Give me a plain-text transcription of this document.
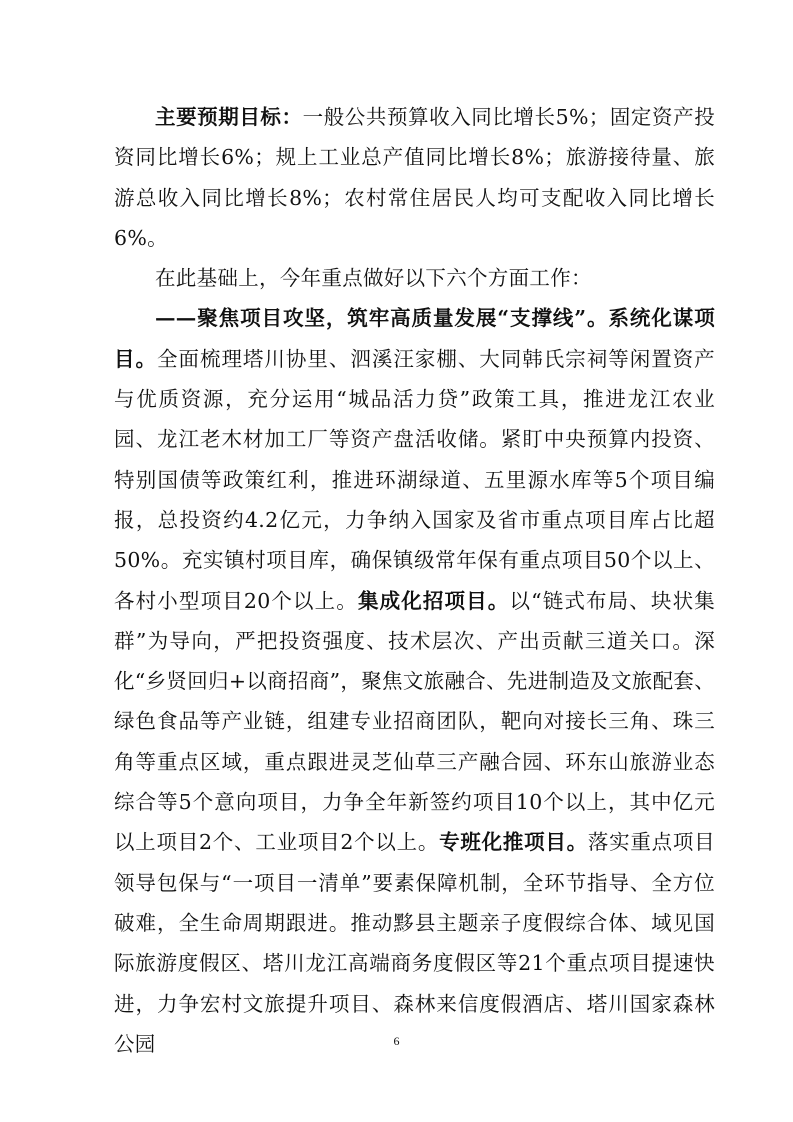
主要预期目标：一般公共预算收入同比增长5%；固定资产投资同比增长6%；规上工业总产值同比增长8%；旅游接待量、旅游总收入同比增长8%；农村常住居民人均可支配收入同比增长6%。

在此基础上，今年重点做好以下六个方面工作：

——聚焦项目攻坚，筑牢高质量发展“支撑线”。系统化谋项目。全面梳理塔川协里、泗溪汪家棚、大同韩氏宗祠等闲置资产与优质资源，充分运用“城品活力贷”政策工具，推进龙江农业园、龙江老木材加工厂等资产盘活收储。紧盯中央预算内投资、特别国债等政策红利，推进环湖绿道、五里源水库等5个项目编报，总投资约4.2亿元，力争纳入国家及省市重点项目库占比超50%。充实镇村项目库，确保镇级常年保有重点项目50个以上、各村小型项目20个以上。集成化招项目。以“链式布局、块状集群”为导向，严把投资强度、技术层次、产出贡献三道关口。深化“乡贤回归+以商招商”，聚焦文旅融合、先进制造及文旅配套、绿色食品等产业链，组建专业招商团队，靶向对接长三角、珠三角等重点区域，重点跟进灵芝仙草三产融合园、环东山旅游业态综合等5个意向项目，力争全年新签约项目10个以上，其中亿元以上项目2个、工业项目2个以上。专班化推项目。落实重点项目领导包保与“一项目一清单”要素保障机制，全环节指导、全方位破难，全生命周期跟进。推动黟县主题亲子度假综合体、域见国际旅游度假区、塔川龙江高端商务度假区等21个重点项目提速快进，力争宏村文旅提升项目、森林来信度假酒店、塔川国家森林公园	6
